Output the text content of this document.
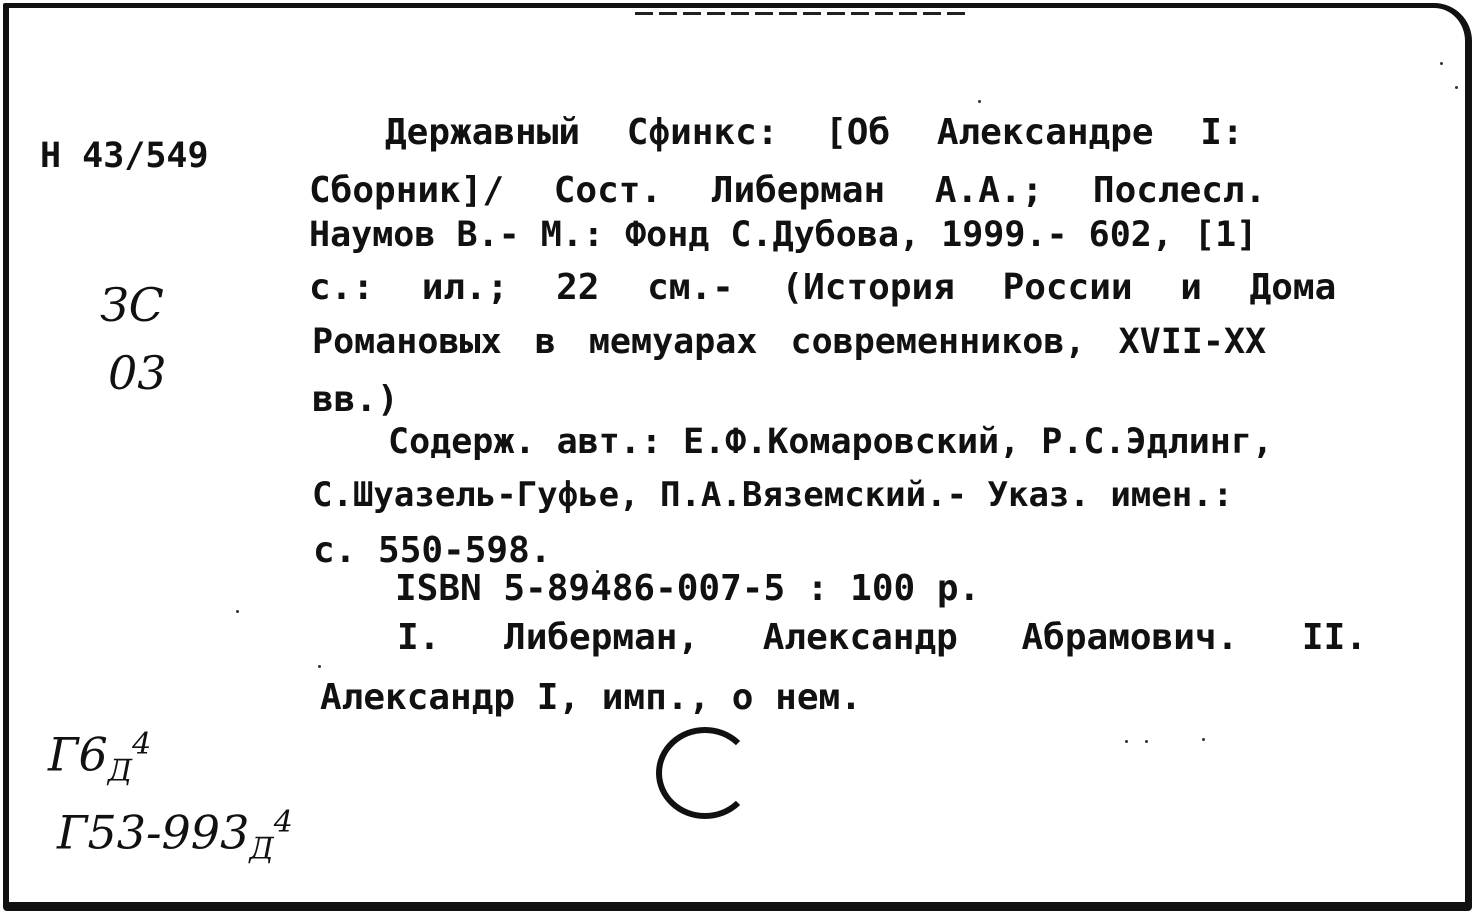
Н 43/549
ЗС
03
Державный Сфинкс: [Об Александре I:
Сборник]/ Сост. Либерман А.А.; Послесл.
Наумов В.- М.: Фонд С.Дубова, 1999.- 602, [1]
с.: ил.; 22 см.- (История России и Дома
Романовых в мемуарах современников, XVII-XX
вв.)
Содерж. авт.: Е.Ф.Комаровский, Р.С.Эдлинг,
С.Шуазель-Гуфье, П.А.Вяземский.- Указ. имен.:
с. 550-598.
ISBN 5-89486-007-5 : 100 р.
I. Либерман, Александр Абрамович. II.
Александр I, имп., о нем.
$Г6_Д^4$
$Г53-993_Д^4$
